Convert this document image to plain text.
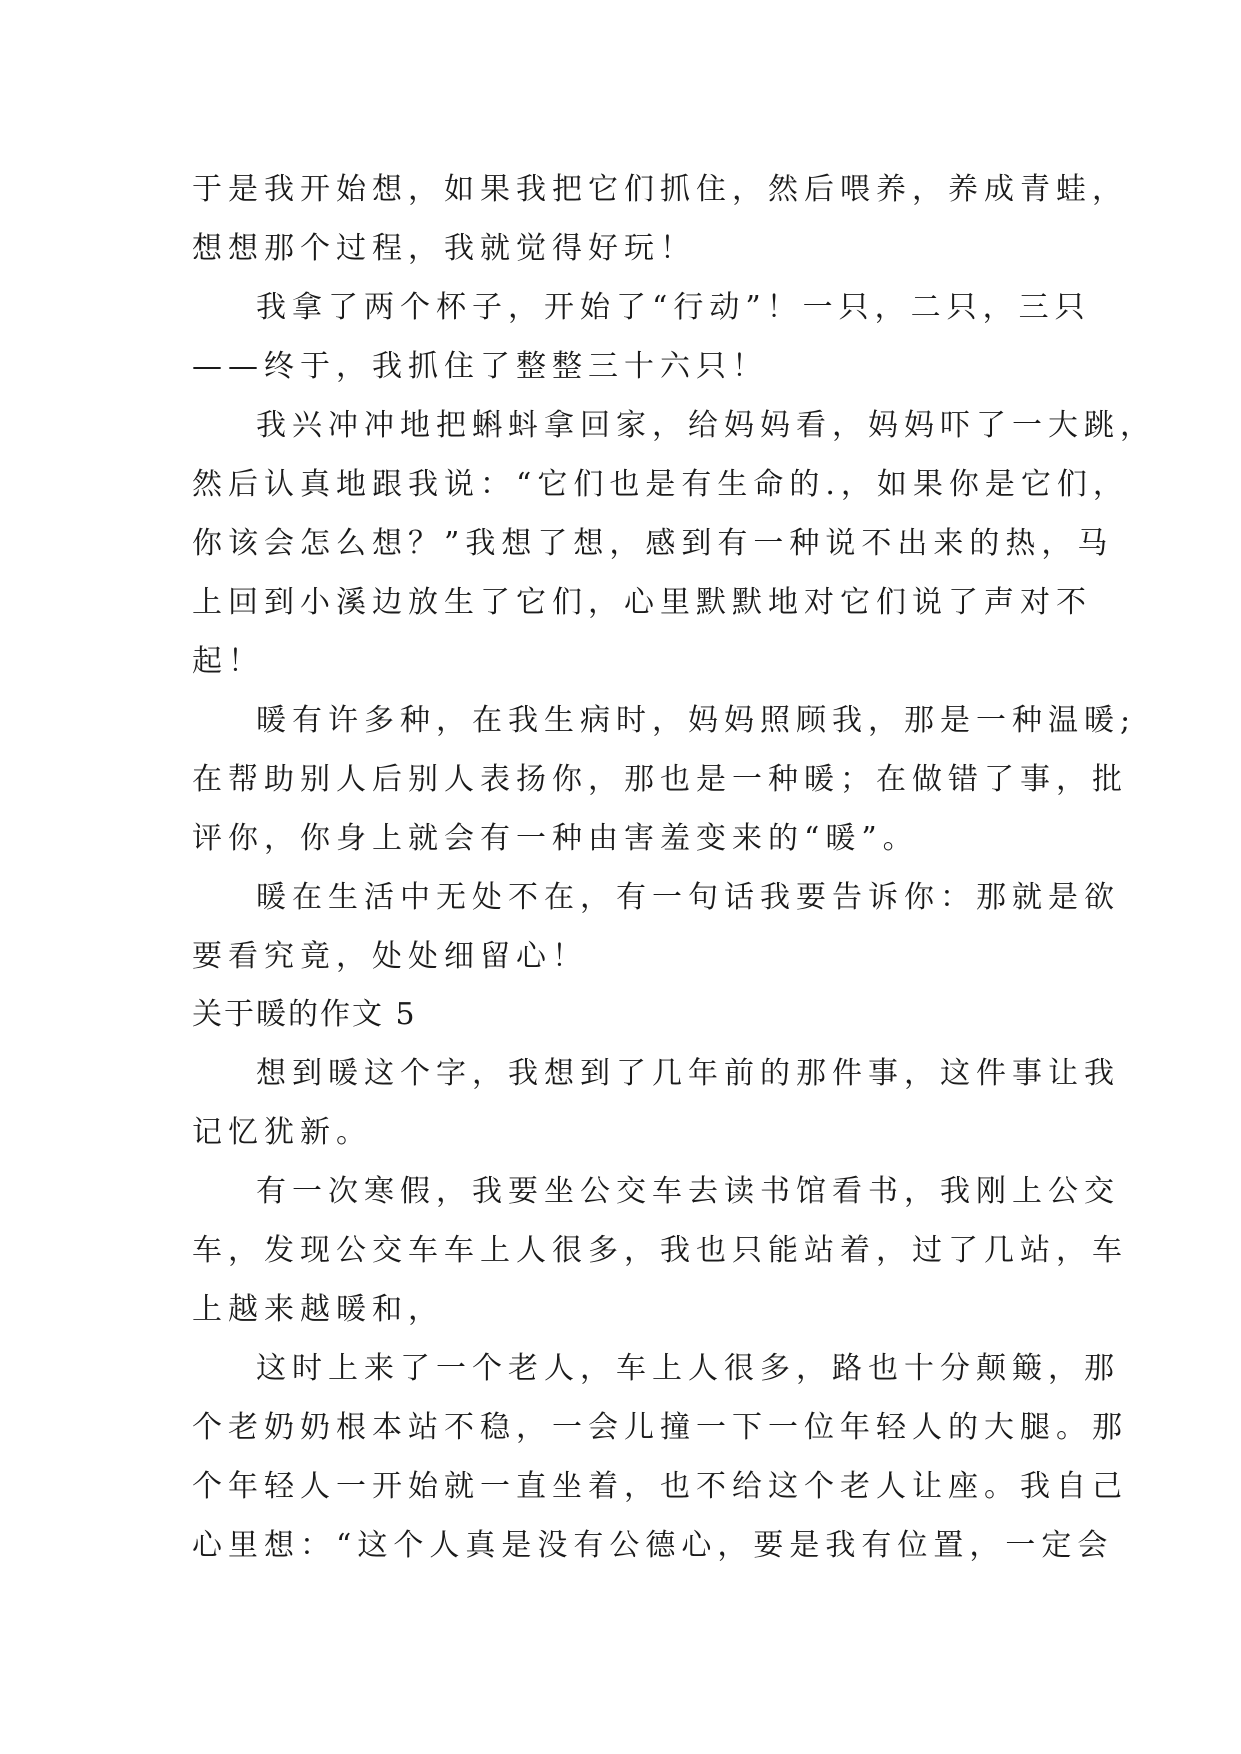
于是我开始想，如果我把它们抓住，然后喂养，养成青蛙，
想想那个过程，我就觉得好玩！
我拿了两个杯子，开始了“行动”！一只，二只，三只
——终于，我抓住了整整三十六只！
我兴冲冲地把蝌蚪拿回家，给妈妈看，妈妈吓了一大跳，
然后认真地跟我说：“它们也是有生命的.，如果你是它们，
你该会怎么想？”我想了想，感到有一种说不出来的热，马
上回到小溪边放生了它们，心里默默地对它们说了声对不
起！
暖有许多种，在我生病时，妈妈照顾我，那是一种温暖;
在帮助别人后别人表扬你，那也是一种暖；在做错了事，批
评你，你身上就会有一种由害羞变来的“暖”。
暖在生活中无处不在，有一句话我要告诉你：那就是欲
要看究竟，处处细留心！
关于暖的作文 5
想到暖这个字，我想到了几年前的那件事，这件事让我
记忆犹新。
有一次寒假，我要坐公交车去读书馆看书，我刚上公交
车，发现公交车车上人很多，我也只能站着，过了几站，车
上越来越暖和，
这时上来了一个老人，车上人很多，路也十分颠簸，那
个老奶奶根本站不稳，一会儿撞一下一位年轻人的大腿。那
个年轻人一开始就一直坐着，也不给这个老人让座。我自己
心里想：“这个人真是没有公德心，要是我有位置，一定会
